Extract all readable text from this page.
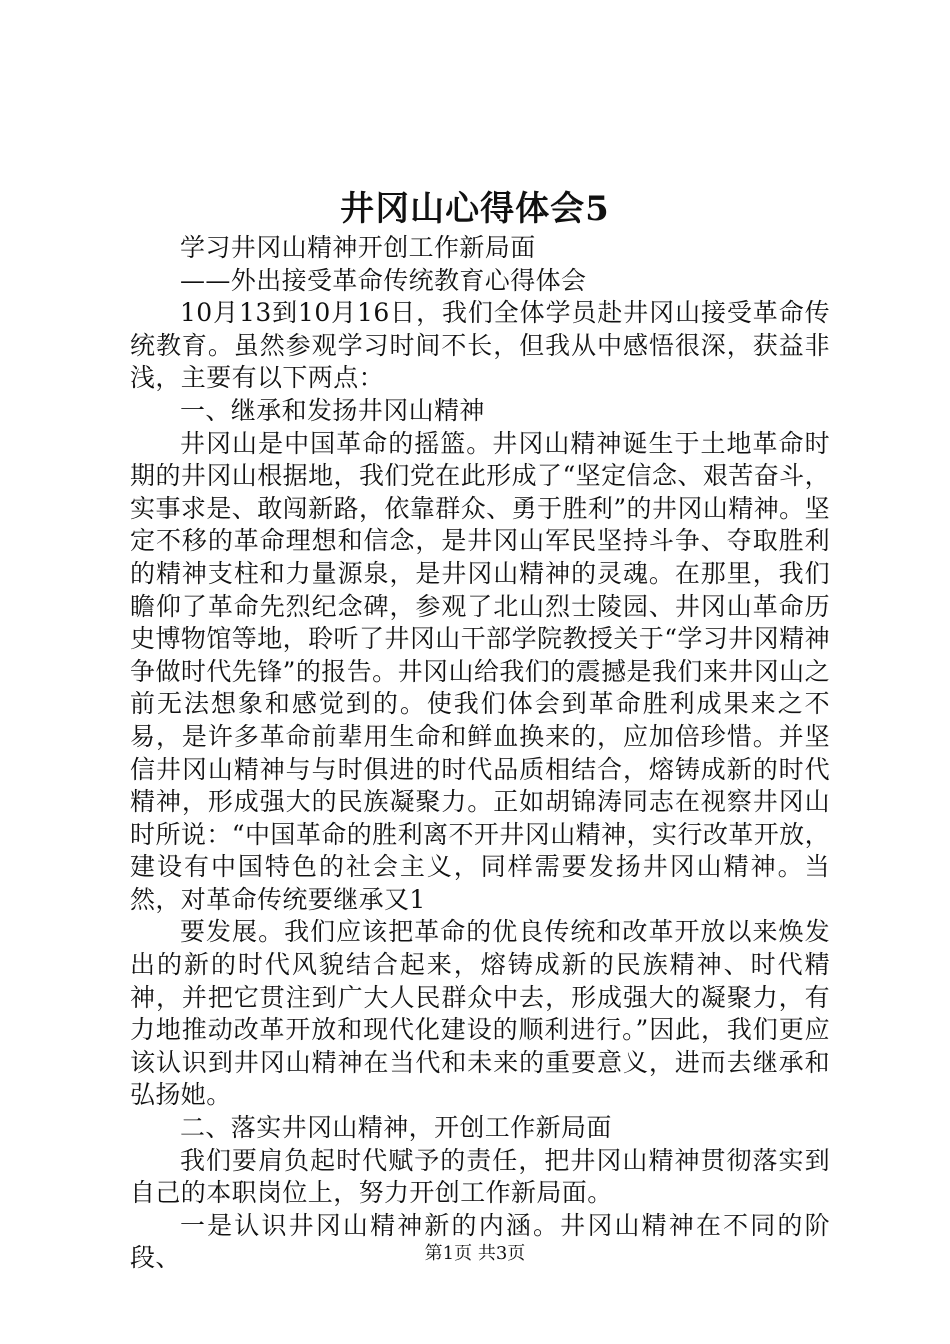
井冈山心得体会5

学习井冈山精神开创工作新局面

——外出接受革命传统教育心得体会

10月13到10月16日，我们全体学员赴井冈山接受革命传统教育。虽然参观学习时间不长，但我从中感悟很深，获益非浅，主要有以下两点：

一、继承和发扬井冈山精神

井冈山是中国革命的摇篮。井冈山精神诞生于土地革命时期的井冈山根据地，我们党在此形成了“坚定信念、艰苦奋斗，实事求是、敢闯新路，依靠群众、勇于胜利”的井冈山精神。坚定不移的革命理想和信念，是井冈山军民坚持斗争、夺取胜利的精神支柱和力量源泉，是井冈山精神的灵魂。在那里，我们瞻仰了革命先烈纪念碑，参观了北山烈士陵园、井冈山革命历史博物馆等地，聆听了井冈山干部学院教授关于“学习井冈精神争做时代先锋”的报告。井冈山给我们的震撼是我们来井冈山之前无法想象和感觉到的。使我们体会到革命胜利成果来之不易，是许多革命前辈用生命和鲜血换来的，应加倍珍惜。并坚信井冈山精神与与时俱进的时代品质相结合，熔铸成新的时代精神，形成强大的民族凝聚力。正如胡锦涛同志在视察井冈山时所说：“中国革命的胜利离不开井冈山精神，实行改革开放，建设有中国特色的社会主义，同样需要发扬井冈山精神。当然，对革命传统要继承又1

要发展。我们应该把革命的优良传统和改革开放以来焕发出的新的时代风貌结合起来，熔铸成新的民族精神、时代精神，并把它贯注到广大人民群众中去，形成强大的凝聚力，有力地推动改革开放和现代化建设的顺利进行。”因此，我们更应该认识到井冈山精神在当代和未来的重要意义，进而去继承和弘扬她。

二、落实井冈山精神，开创工作新局面

我们要肩负起时代赋予的责任，把井冈山精神贯彻落实到自己的本职岗位上，努力开创工作新局面。

一是认识井冈山精神新的内涵。井冈山精神在不同的阶段、	第1页 共3页
